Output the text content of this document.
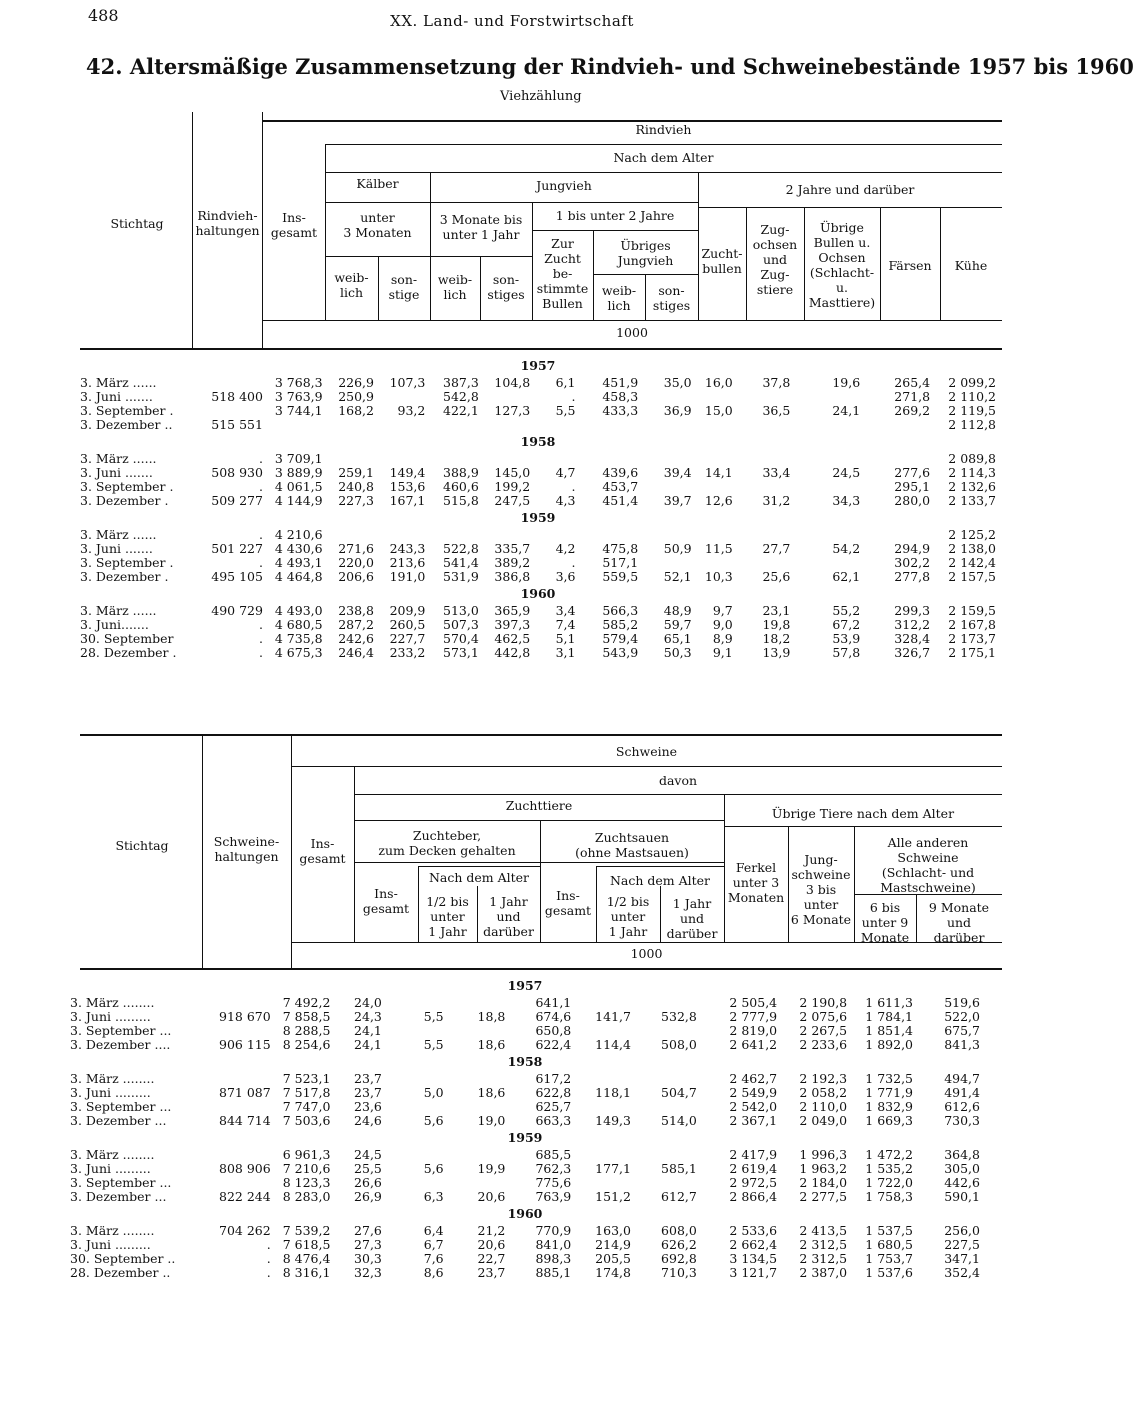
488	XX. Land- und Forstwirtschaft
42. Altersmäßige Zusammensetzung der Rindvieh- und Schweinebestände 1957 bis 1960
Viehzählung
Stichtag
Rindvieh-
haltungen
Ins-
gesamt
Rindvieh
Nach dem Alter
Kälber	Jungvieh	2 Jahre und darüber
unter
3 Monaten
3 Monate bis
unter 1 Jahr
1 bis unter 2 Jahre
weib-
lich
son-
stige
weib-
lich
son-
stiges
Zur
Zucht
be-
stimmte
Bullen
Übriges
Jungvieh
weib-
lich
son-
stiges
Zucht-
bullen
Zug-
ochsen
und
Zug-
stiere
Übrige
Bullen u.
Ochsen
(Schlacht-
u.
Masttiere)
Färsen	Kühe
1000
1957														
3. März ......		3 768,3	226,9	107,3	387,3	104,8	6,1	451,9	35,0	16,0	37,8	19,6	265,4	2 099,2
3. Juni .......	518 400	3 763,9	250,9		542,8		.	458,3					271,8	2 110,2
3. September .		3 744,1	168,2	93,2	422,1	127,3	5,5	433,3	36,9	15,0	36,5	24,1	269,2	2 119,5
3. Dezember ..	515 551													2 112,8
1958														
3. März ......	.	3 709,1												2 089,8
3. Juni .......	508 930	3 889,9	259,1	149,4	388,9	145,0	4,7	439,6	39,4	14,1	33,4	24,5	277,6	2 114,3
3. September .	.	4 061,5	240,8	153,6	460,6	199,2	.	453,7					295,1	2 132,6
3. Dezember .	509 277	4 144,9	227,3	167,1	515,8	247,5	4,3	451,4	39,7	12,6	31,2	34,3	280,0	2 133,7
1959														
3. März ......	.	4 210,6												2 125,2
3. Juni .......	501 227	4 430,6	271,6	243,3	522,8	335,7	4,2	475,8	50,9	11,5	27,7	54,2	294,9	2 138,0
3. September .	.	4 493,1	220,0	213,6	541,4	389,2	.	517,1					302,2	2 142,4
3. Dezember .	495 105	4 464,8	206,6	191,0	531,9	386,8	3,6	559,5	52,1	10,3	25,6	62,1	277,8	2 157,5
1960														
3. März ......	490 729	4 493,0	238,8	209,9	513,0	365,9	3,4	566,3	48,9	9,7	23,1	55,2	299,3	2 159,5
3. Juni.......	.	4 680,5	287,2	260,5	507,3	397,3	7,4	585,2	59,7	9,0	19,8	67,2	312,2	2 167,8
30. September	.	4 735,8	242,6	227,7	570,4	462,5	5,1	579,4	65,1	8,9	18,2	53,9	328,4	2 173,7
28. Dezember .	.	4 675,3	246,4	233,2	573,1	442,8	3,1	543,9	50,3	9,1	13,9	57,8	326,7	2 175,1
Stichtag	Schweine-
haltungen
Ins-
gesamt
Schweine
davon
Zuchttiere
Übrige Tiere nach dem Alter
Zuchteber,
zum Decken gehalten
Zuchtsauen
(ohne Mastsauen)
Ins-
gesamt
Nach dem Alter
1/2 bis
unter
1 Jahr
1 Jahr
und
darüber
Ins-
gesamt
Nach dem Alter
1/2 bis
unter
1 Jahr
1 Jahr
und
darüber
Ferkel
unter 3
Monaten
Jung-
schweine
3 bis
unter
6 Monate
Alle anderen
Schweine
(Schlacht- und
Mastschweine)
6 bis
unter 9
Monate
9 Monate
und
darüber
1000
1957												
3. März ........		7 492,2	24,0			641,1			2 505,4	2 190,8	1 611,3	519,6
3. Juni .........	918 670	7 858,5	24,3	5,5	18,8	674,6	141,7	532,8	2 777,9	2 075,6	1 784,1	522,0
3. September ...		8 288,5	24,1			650,8			2 819,0	2 267,5	1 851,4	675,7
3. Dezember ....	906 115	8 254,6	24,1	5,5	18,6	622,4	114,4	508,0	2 641,2	2 233,6	1 892,0	841,3
1958												
3. März ........		7 523,1	23,7			617,2			2 462,7	2 192,3	1 732,5	494,7
3. Juni .........	871 087	7 517,8	23,7	5,0	18,6	622,8	118,1	504,7	2 549,9	2 058,2	1 771,9	491,4
3. September ...		7 747,0	23,6			625,7			2 542,0	2 110,0	1 832,9	612,6
3. Dezember ...	844 714	7 503,6	24,6	5,6	19,0	663,3	149,3	514,0	2 367,1	2 049,0	1 669,3	730,3
1959												
3. März ........		6 961,3	24,5			685,5			2 417,9	1 996,3	1 472,2	364,8
3. Juni .........	808 906	7 210,6	25,5	5,6	19,9	762,3	177,1	585,1	2 619,4	1 963,2	1 535,2	305,0
3. September ...		8 123,3	26,6			775,6			2 972,5	2 184,0	1 722,0	442,6
3. Dezember ...	822 244	8 283,0	26,9	6,3	20,6	763,9	151,2	612,7	2 866,4	2 277,5	1 758,3	590,1
1960												
3. März ........	704 262	7 539,2	27,6	6,4	21,2	770,9	163,0	608,0	2 533,6	2 413,5	1 537,5	256,0
3. Juni .........	.	7 618,5	27,3	6,7	20,6	841,0	214,9	626,2	2 662,4	2 312,5	1 680,5	227,5
30. September ..	.	8 476,4	30,3	7,6	22,7	898,3	205,5	692,8	3 134,5	2 312,5	1 753,7	347,1
28. Dezember ..	.	8 316,1	32,3	8,6	23,7	885,1	174,8	710,3	3 121,7	2 387,0	1 537,6	352,4
